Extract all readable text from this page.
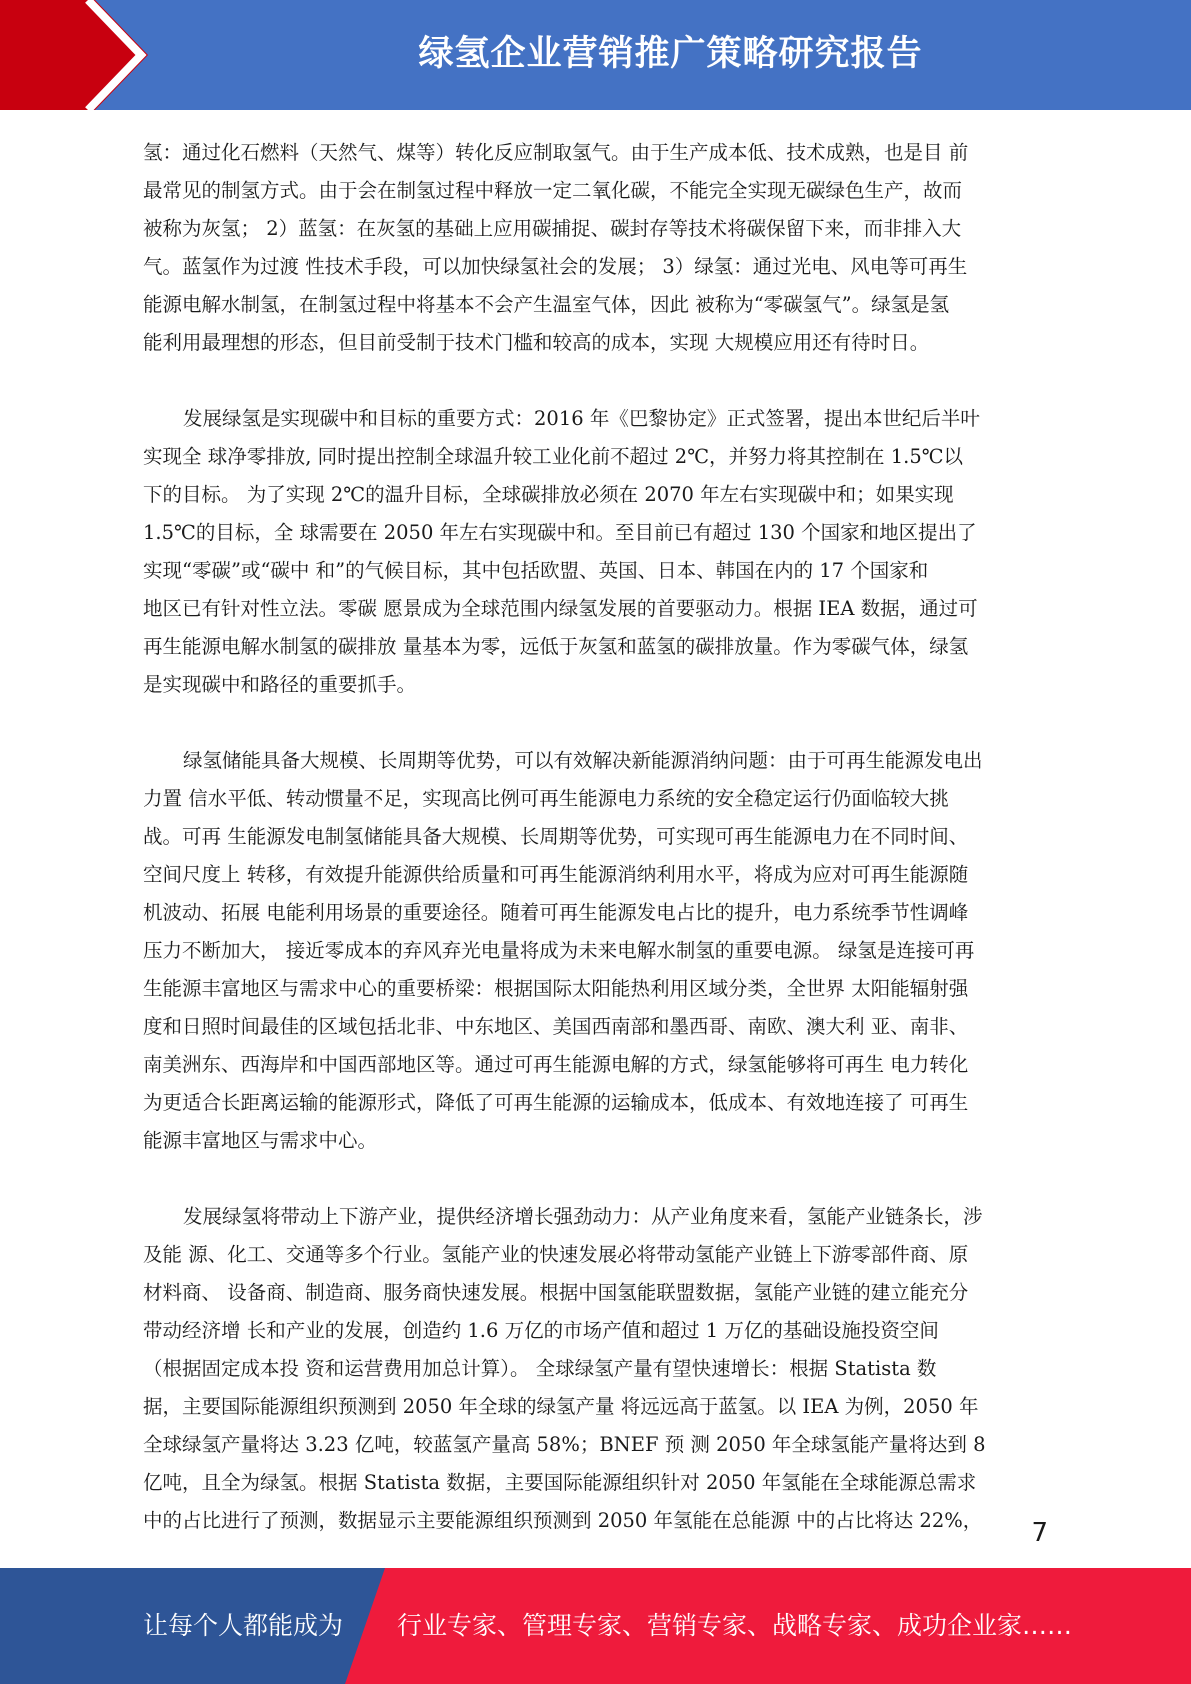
绿氢企业营销推广策略研究报告
氢：通过化石燃料（天然气、煤等）转化反应制取氢气。由于生产成本低、技术成熟，也是目 前
最常见的制氢方式。由于会在制氢过程中释放一定二氧化碳，不能完全实现无碳绿色生产，故而
被称为灰氢； 2）蓝氢：在灰氢的基础上应用碳捕捉、碳封存等技术将碳保留下来，而非排入大
气。蓝氢作为过渡 性技术手段，可以加快绿氢社会的发展； 3）绿氢：通过光电、风电等可再生
能源电解水制氢，在制氢过程中将基本不会产生温室气体，因此 被称为“零碳氢气”。绿氢是氢
能利用最理想的形态，但目前受制于技术门槛和较高的成本，实现 大规模应用还有待时日。
发展绿氢是实现碳中和目标的重要方式：2016 年《巴黎协定》正式签署，提出本世纪后半叶
实现全 球净零排放, 同时提出控制全球温升较工业化前不超过 2℃，并努力将其控制在 1.5℃以
下的目标。 为了实现 2℃的温升目标，全球碳排放必须在 2070 年左右实现碳中和；如果实现
1.5℃的目标，全 球需要在 2050 年左右实现碳中和。至目前已有超过 130 个国家和地区提出了
实现“零碳”或“碳中 和”的气候目标，其中包括欧盟、英国、日本、韩国在内的 17 个国家和
地区已有针对性立法。零碳 愿景成为全球范围内绿氢发展的首要驱动力。根据 IEA 数据，通过可
再生能源电解水制氢的碳排放 量基本为零，远低于灰氢和蓝氢的碳排放量。作为零碳气体，绿氢
是实现碳中和路径的重要抓手。
绿氢储能具备大规模、长周期等优势，可以有效解决新能源消纳问题：由于可再生能源发电出
力置 信水平低、转动惯量不足，实现高比例可再生能源电力系统的安全稳定运行仍面临较大挑
战。可再 生能源发电制氢储能具备大规模、长周期等优势，可实现可再生能源电力在不同时间、
空间尺度上 转移，有效提升能源供给质量和可再生能源消纳利用水平，将成为应对可再生能源随
机波动、拓展 电能利用场景的重要途径。随着可再生能源发电占比的提升，电力系统季节性调峰
压力不断加大， 接近零成本的弃风弃光电量将成为未来电解水制氢的重要电源。 绿氢是连接可再
生能源丰富地区与需求中心的重要桥梁：根据国际太阳能热利用区域分类，全世界 太阳能辐射强
度和日照时间最佳的区域包括北非、中东地区、美国西南部和墨西哥、南欧、澳大利 亚、南非、
南美洲东、西海岸和中国西部地区等。通过可再生能源电解的方式，绿氢能够将可再生 电力转化
为更适合长距离运输的能源形式，降低了可再生能源的运输成本，低成本、有效地连接了 可再生
能源丰富地区与需求中心。
发展绿氢将带动上下游产业，提供经济增长强劲动力：从产业角度来看，氢能产业链条长，涉
及能 源、化工、交通等多个行业。氢能产业的快速发展必将带动氢能产业链上下游零部件商、原
材料商、 设备商、制造商、服务商快速发展。根据中国氢能联盟数据，氢能产业链的建立能充分
带动经济增 长和产业的发展，创造约 1.6 万亿的市场产值和超过 1 万亿的基础设施投资空间
（根据固定成本投 资和运营费用加总计算）。 全球绿氢产量有望快速增长：根据 Statista 数
据，主要国际能源组织预测到 2050 年全球的绿氢产量 将远远高于蓝氢。以 IEA 为例，2050 年
全球绿氢产量将达 3.23 亿吨，较蓝氢产量高 58%；BNEF 预 测 2050 年全球氢能产量将达到 8
亿吨，且全为绿氢。根据 Statista 数据，主要国际能源组织针对 2050 年氢能在全球能源总需求
中的占比进行了预测，数据显示主要能源组织预测到 2050 年氢能在总能源 中的占比将达 22%，	7
让每个人都能成为 行业专家、管理专家、营销专家、战略专家、成功企业家……
